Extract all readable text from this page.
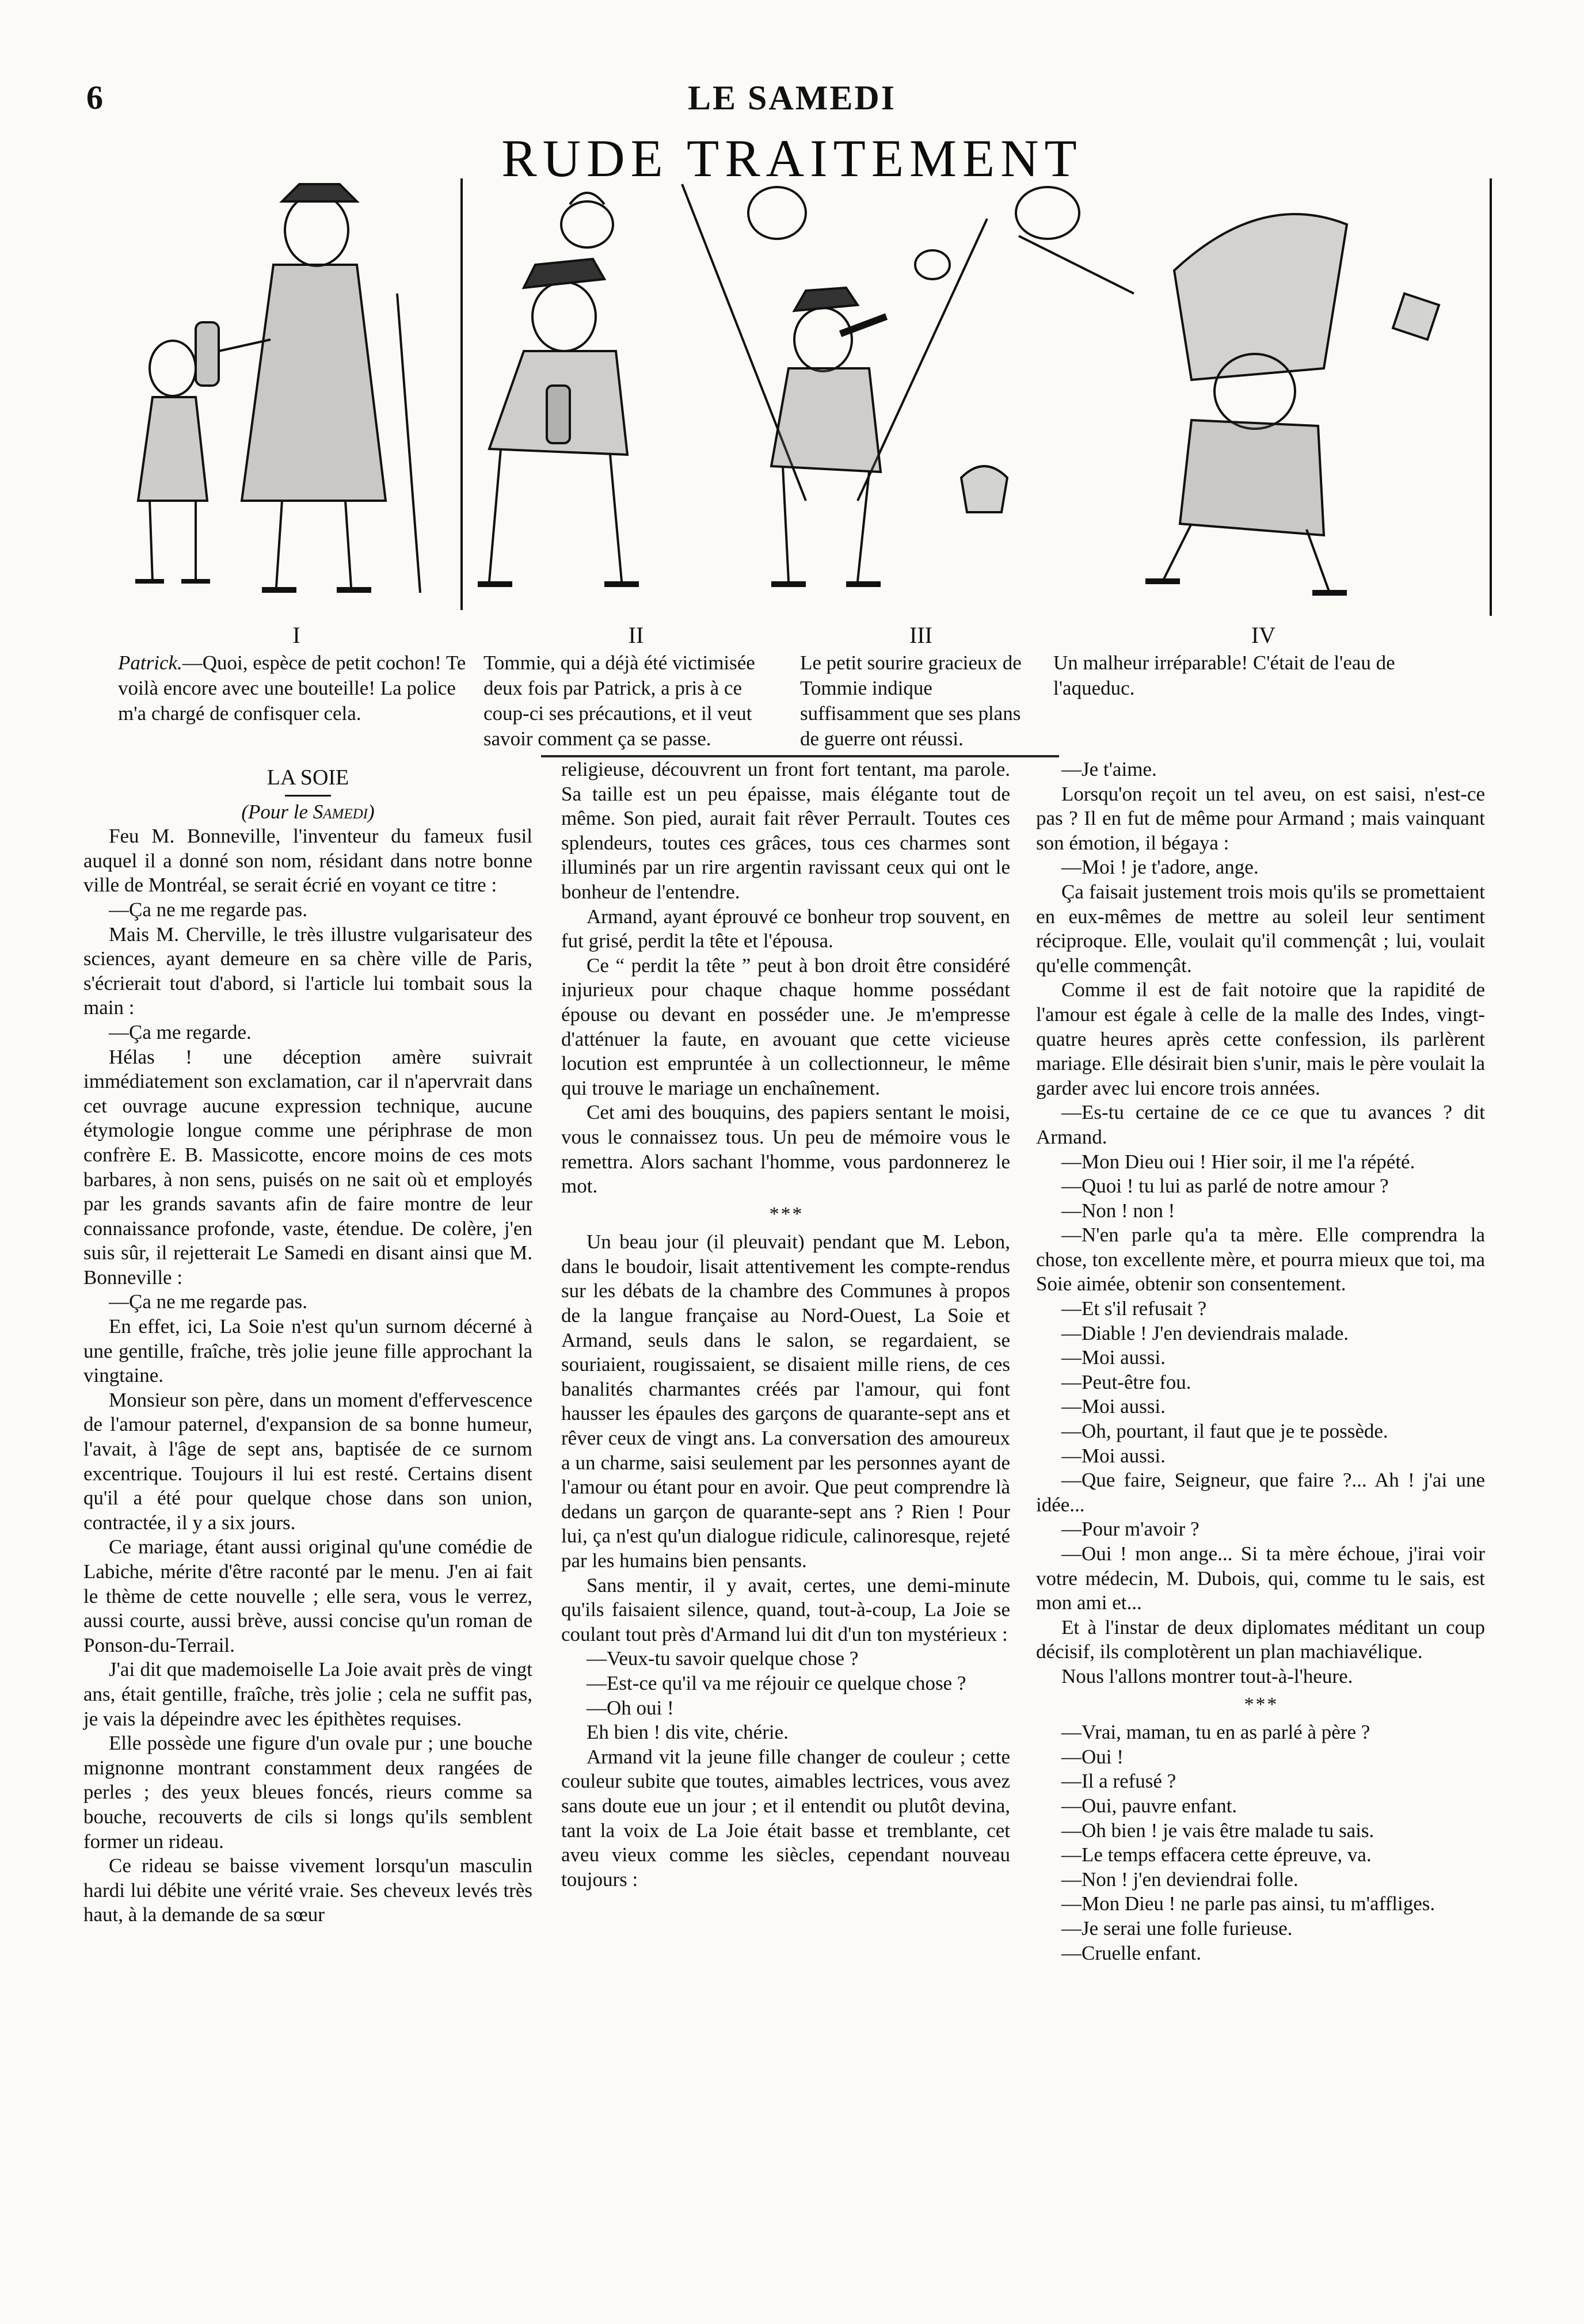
6	LE SAMEDI
RUDE TRAITEMENT
I
Patrick.—Quoi, espèce de petit cochon! Te voilà encore avec une bouteille! La police m'a chargé de confisquer cela.
II
Tommie, qui a déjà été victimisée deux fois par Patrick, a pris à ce coup-ci ses précautions, et il veut savoir comment ça se passe.
III
Le petit sourire gracieux de Tommie indique suffisamment que ses plans de guerre ont réussi.
IV
Un malheur irréparable! C'était de l'eau de l'aqueduc.
LA SOIE
(Pour le Samedi)

Feu M. Bonneville, l'inventeur du fameux fusil auquel il a donné son nom, résidant dans notre bonne ville de Montréal, se serait écrié en voyant ce titre :

—Ça ne me regarde pas.

Mais M. Cherville, le très illustre vulgarisateur des sciences, ayant demeure en sa chère ville de Paris, s'écrierait tout d'abord, si l'article lui tombait sous la main :

—Ça me regarde.

Hélas ! une déception amère suivrait immédiatement son exclamation, car il n'apervrait dans cet ouvrage aucune expression technique, aucune étymologie longue comme une périphrase de mon confrère E. B. Massicotte, encore moins de ces mots barbares, à non sens, puisés on ne sait où et employés par les grands savants afin de faire montre de leur connaissance profonde, vaste, étendue. De colère, j'en suis sûr, il rejetterait Le Samedi en disant ainsi que M. Bonneville :

—Ça ne me regarde pas.

En effet, ici, La Soie n'est qu'un surnom décerné à une gentille, fraîche, très jolie jeune fille approchant la vingtaine.

Monsieur son père, dans un moment d'effervescence de l'amour paternel, d'expansion de sa bonne humeur, l'avait, à l'âge de sept ans, baptisée de ce surnom excentrique. Toujours il lui est resté. Certains disent qu'il a été pour quelque chose dans son union, contractée, il y a six jours.

Ce mariage, étant aussi original qu'une comédie de Labiche, mérite d'être raconté par le menu. J'en ai fait le thème de cette nouvelle ; elle sera, vous le verrez, aussi courte, aussi brève, aussi concise qu'un roman de Ponson-du-Terrail.

J'ai dit que mademoiselle La Joie avait près de vingt ans, était gentille, fraîche, très jolie ; cela ne suffit pas, je vais la dépeindre avec les épithètes requises.

Elle possède une figure d'un ovale pur ; une bouche mignonne montrant constamment deux rangées de perles ; des yeux bleues foncés, rieurs comme sa bouche, recouverts de cils si longs qu'ils semblent former un rideau.

Ce rideau se baisse vivement lorsqu'un masculin hardi lui débite une vérité vraie. Ses cheveux levés très haut, à la demande de sa sœur

religieuse, découvrent un front fort tentant, ma parole. Sa taille est un peu épaisse, mais élégante tout de même. Son pied, aurait fait rêver Perrault. Toutes ces splendeurs, toutes ces grâces, tous ces charmes sont illuminés par un rire argentin ravissant ceux qui ont le bonheur de l'entendre.

Armand, ayant éprouvé ce bonheur trop souvent, en fut grisé, perdit la tête et l'épousa.

Ce “ perdit la tête ” peut à bon droit être considéré injurieux pour chaque chaque homme possédant épouse ou devant en posséder une. Je m'empresse d'atténuer la faute, en avouant que cette vicieuse locution est empruntée à un collectionneur, le même qui trouve le mariage un enchaînement.

Cet ami des bouquins, des papiers sentant le moisi, vous le connaissez tous. Un peu de mémoire vous le remettra. Alors sachant l'homme, vous pardonnerez le mot.

* * *

Un beau jour (il pleuvait) pendant que M. Lebon, dans le boudoir, lisait attentivement les compte-rendus sur les débats de la chambre des Communes à propos de la langue française au Nord-Ouest, La Soie et Armand, seuls dans le salon, se regardaient, se souriaient, rougissaient, se disaient mille riens, de ces banalités charmantes créés par l'amour, qui font hausser les épaules des garçons de quarante-sept ans et rêver ceux de vingt ans. La conversation des amoureux a un charme, saisi seulement par les personnes ayant de l'amour ou étant pour en avoir. Que peut comprendre là dedans un garçon de quarante-sept ans ? Rien ! Pour lui, ça n'est qu'un dialogue ridicule, calinoresque, rejeté par les humains bien pensants.

Sans mentir, il y avait, certes, une demi-minute qu'ils faisaient silence, quand, tout-à-coup, La Joie se coulant tout près d'Armand lui dit d'un ton mystérieux :

—Veux-tu savoir quelque chose ?

—Est-ce qu'il va me réjouir ce quelque chose ?

—Oh oui !

Eh bien ! dis vite, chérie.

Armand vit la jeune fille changer de couleur ; cette couleur subite que toutes, aimables lectrices, vous avez sans doute eue un jour ; et il entendit ou plutôt devina, tant la voix de La Joie était basse et tremblante, cet aveu vieux comme les siècles, cependant nouveau toujours :

—Je t'aime.

Lorsqu'on reçoit un tel aveu, on est saisi, n'est-ce pas ? Il en fut de même pour Armand ; mais vainquant son émotion, il bégaya :

—Moi ! je t'adore, ange.

Ça faisait justement trois mois qu'ils se promettaient en eux-mêmes de mettre au soleil leur sentiment réciproque. Elle, voulait qu'il commençât ; lui, voulait qu'elle commençât.

Comme il est de fait notoire que la rapidité de l'amour est égale à celle de la malle des Indes, vingt-quatre heures après cette confession, ils parlèrent mariage. Elle désirait bien s'unir, mais le père voulait la garder avec lui encore trois années.

—Es-tu certaine de ce ce que tu avances ? dit Armand.

—Mon Dieu oui ! Hier soir, il me l'a répété.

—Quoi ! tu lui as parlé de notre amour ?

—Non ! non !

—N'en parle qu'a ta mère. Elle comprendra la chose, ton excellente mère, et pourra mieux que toi, ma Soie aimée, obtenir son consentement.

—Et s'il refusait ?

—Diable ! J'en deviendrais malade.

—Moi aussi.

—Peut-être fou.

—Moi aussi.

—Oh, pourtant, il faut que je te possède.

—Moi aussi.

—Que faire, Seigneur, que faire ?... Ah ! j'ai une idée...

—Pour m'avoir ?

—Oui ! mon ange... Si ta mère échoue, j'irai voir votre médecin, M. Dubois, qui, comme tu le sais, est mon ami et...

Et à l'instar de deux diplomates méditant un coup décisif, ils complotèrent un plan machiavélique.

Nous l'allons montrer tout-à-l'heure.

* * *

—Vrai, maman, tu en as parlé à père ?

—Oui !

—Il a refusé ?

—Oui, pauvre enfant.

—Oh bien ! je vais être malade tu sais.

—Le temps effacera cette épreuve, va.

—Non ! j'en deviendrai folle.

—Mon Dieu ! ne parle pas ainsi, tu m'affliges.

—Je serai une folle furieuse.

—Cruelle enfant.
